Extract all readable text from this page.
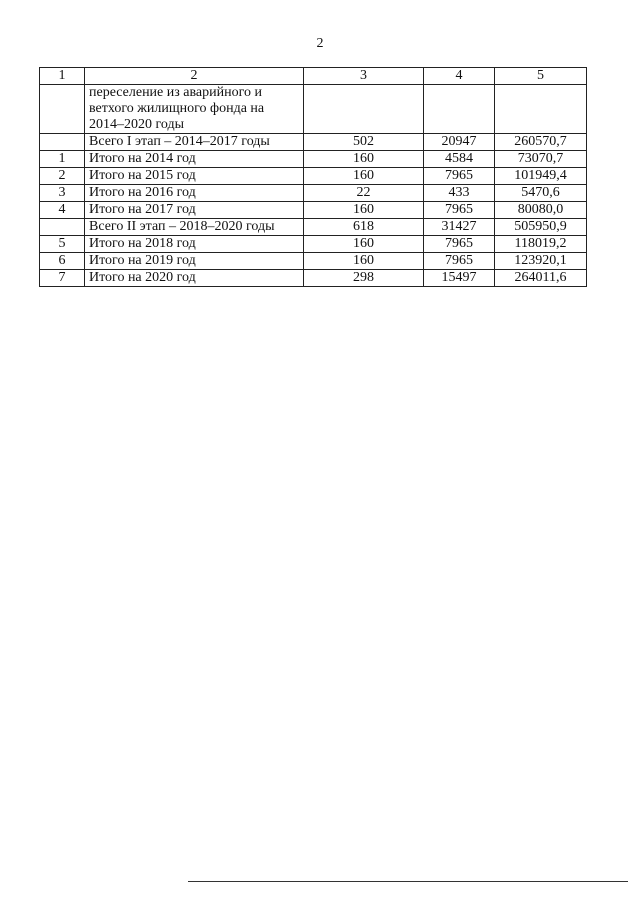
2
1	2	3	4	5
	переселение из аварийного и ветхого жилищного фонда на 2014–2020 годы			
	Всего I этап – 2014–2017 годы	502	20947	260570,7
1	Итого на 2014 год	160	4584	73070,7
2	Итого на 2015 год	160	7965	101949,4
3	Итого на 2016 год	22	433	5470,6
4	Итого на 2017 год	160	7965	80080,0
	Всего II этап – 2018–2020 годы	618	31427	505950,9
5	Итого на 2018 год	160	7965	118019,2
6	Итого на 2019 год	160	7965	123920,1
7	Итого на 2020 год	298	15497	264011,6
